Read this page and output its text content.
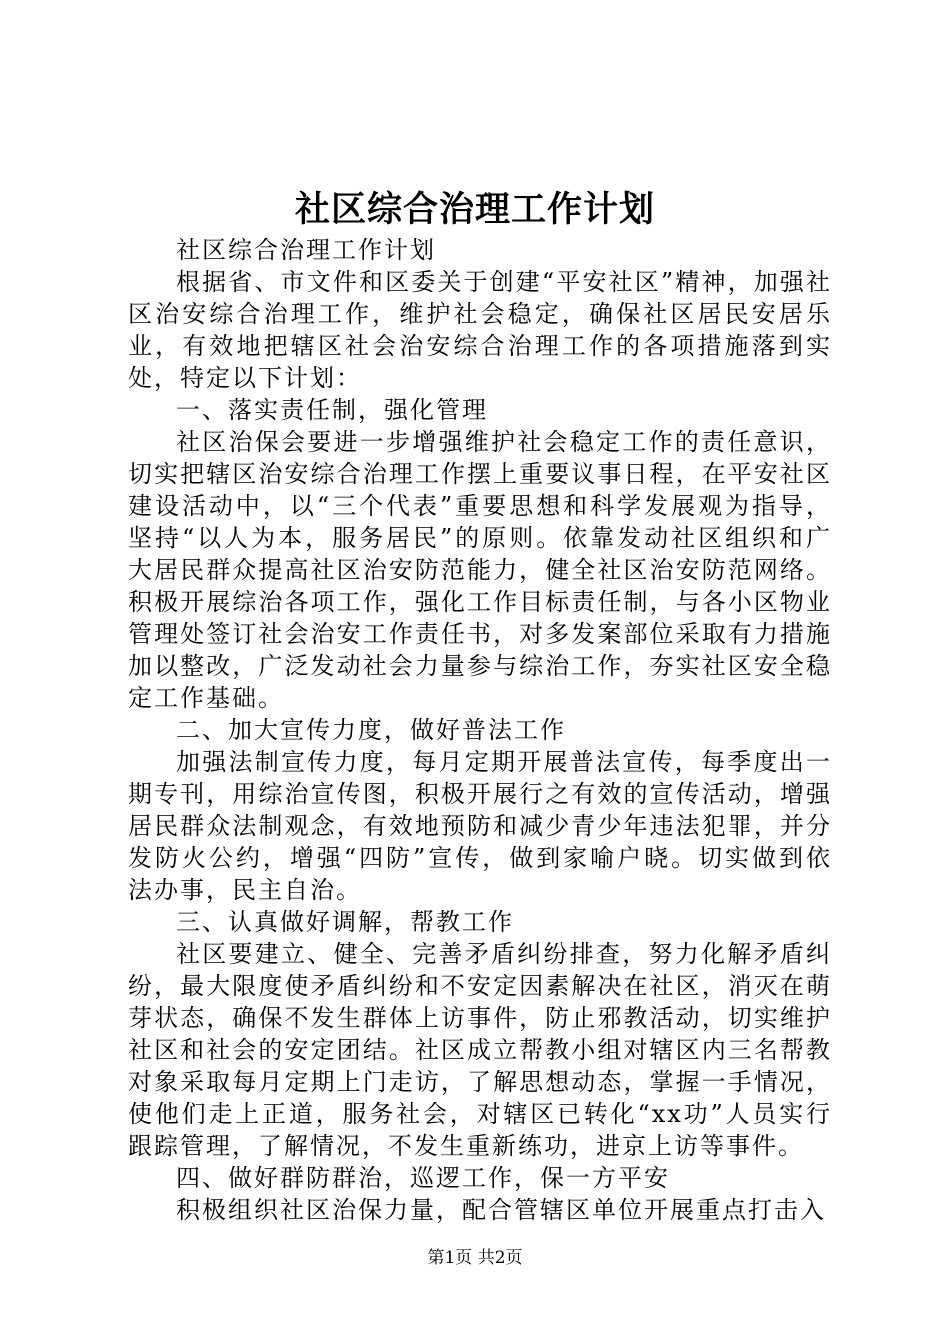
社区综合治理工作计划

社区综合治理工作计划

根据省、市文件和区委关于创建“平安社区”精神，加强社区治安综合治理工作，维护社会稳定，确保社区居民安居乐业，有效地把辖区社会治安综合治理工作的各项措施落到实处，特定以下计划：

一、落实责任制，强化管理

社区治保会要进一步增强维护社会稳定工作的责任意识，切实把辖区治安综合治理工作摆上重要议事日程，在平安社区建设活动中，以“三个代表”重要思想和科学发展观为指导，坚持“以人为本，服务居民”的原则。依靠发动社区组织和广大居民群众提高社区治安防范能力，健全社区治安防范网络。积极开展综治各项工作，强化工作目标责任制，与各小区物业管理处签订社会治安工作责任书，对多发案部位采取有力措施加以整改，广泛发动社会力量参与综治工作，夯实社区安全稳定工作基础。

二、加大宣传力度，做好普法工作

加强法制宣传力度，每月定期开展普法宣传，每季度出一期专刊，用综治宣传图，积极开展行之有效的宣传活动，增强居民群众法制观念，有效地预防和减少青少年违法犯罪，并分发防火公约，增强“四防”宣传，做到家喻户晓。切实做到依法办事，民主自治。

三、认真做好调解，帮教工作

社区要建立、健全、完善矛盾纠纷排查，努力化解矛盾纠纷，最大限度使矛盾纠纷和不安定因素解决在社区，消灭在萌芽状态，确保不发生群体上访事件，防止邪教活动，切实维护社区和社会的安定团结。社区成立帮教小组对辖区内三名帮教对象采取每月定期上门走访，了解思想动态，掌握一手情况，使他们走上正道，服务社会，对辖区已转化“xx功”人员实行跟踪管理，了解情况，不发生重新练功，进京上访等事件。

四、做好群防群治，巡逻工作，保一方平安

积极组织社区治保力量，配合管辖区单位开展重点打击入

第1页 共2页
